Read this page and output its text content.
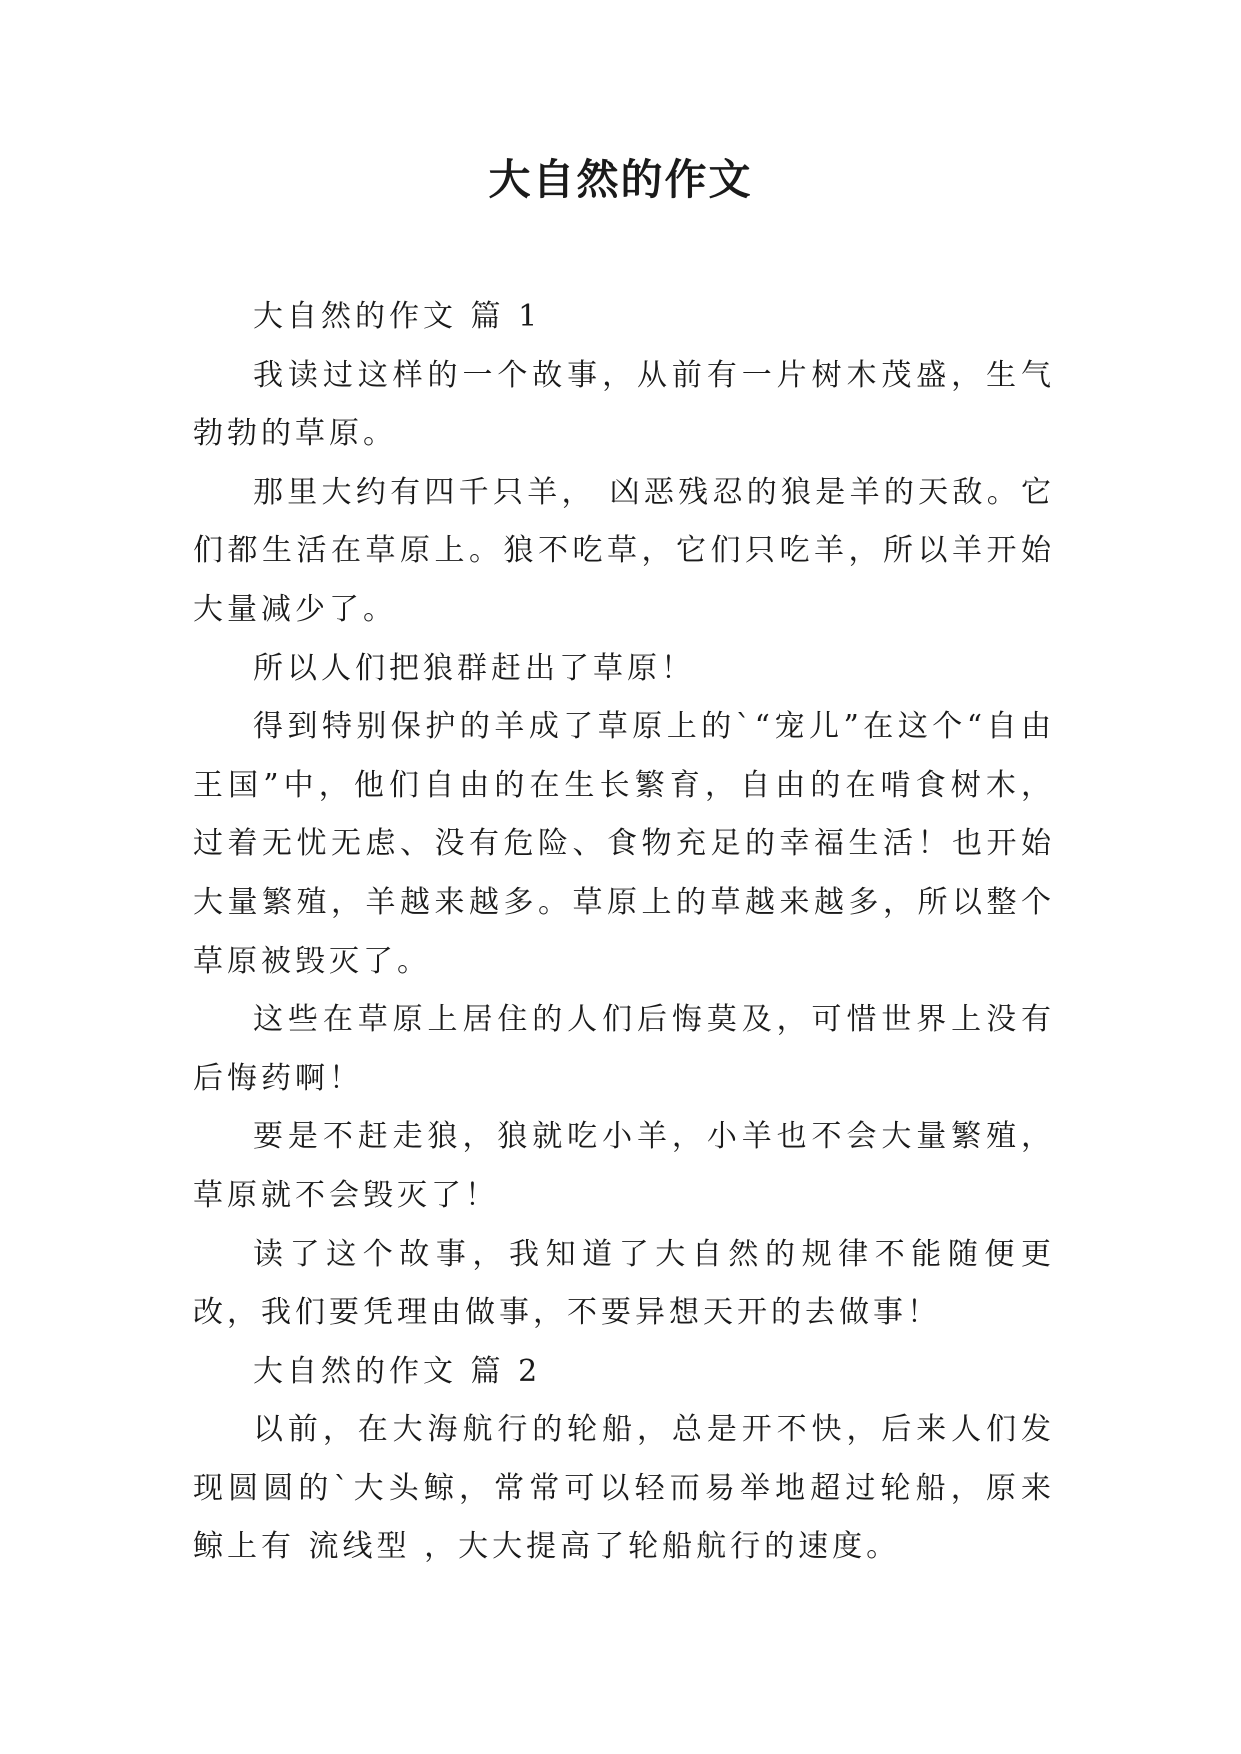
大自然的作文

大自然的作文 篇 1

我读过这样的一个故事，从前有一片树木茂盛，生气勃勃的草原。

那里大约有四千只羊， 凶恶残忍的狼是羊的天敌。它们都生活在草原上。狼不吃草，它们只吃羊，所以羊开始大量减少了。

所以人们把狼群赶出了草原！

得到特别保护的羊成了草原上的`“宠儿”在这个“自由王国”中，他们自由的在生长繁育，自由的在啃食树木，过着无忧无虑、没有危险、食物充足的幸福生活！也开始大量繁殖，羊越来越多。草原上的草越来越多，所以整个草原被毁灭了。

这些在草原上居住的人们后悔莫及，可惜世界上没有后悔药啊！

要是不赶走狼，狼就吃小羊，小羊也不会大量繁殖，草原就不会毁灭了！

读了这个故事，我知道了大自然的规律不能随便更改，我们要凭理由做事，不要异想天开的去做事！

大自然的作文 篇 2

以前，在大海航行的轮船，总是开不快，后来人们发现圆圆的`大头鲸，常常可以轻而易举地超过轮船，原来鲸上有 流线型 ，大大提高了轮船航行的速度。
